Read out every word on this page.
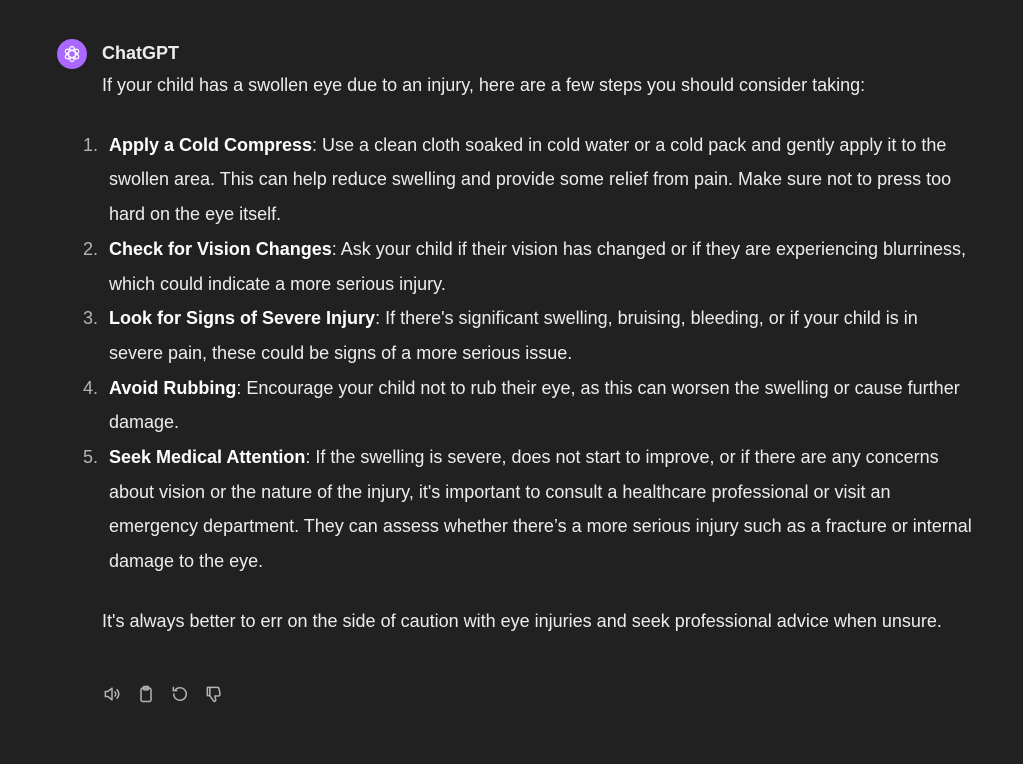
ChatGPT

If your child has a swollen eye due to an injury, here are a few steps you should consider taking:

1. Apply a Cold Compress: Use a clean cloth soaked in cold water or a cold pack and gently apply it to the swollen area. This can help reduce swelling and provide some relief from pain. Make sure not to press too hard on the eye itself.
2. Check for Vision Changes: Ask your child if their vision has changed or if they are experiencing blurriness, which could indicate a more serious injury.
3. Look for Signs of Severe Injury: If there's significant swelling, bruising, bleeding, or if your child is in severe pain, these could be signs of a more serious issue.
4. Avoid Rubbing: Encourage your child not to rub their eye, as this can worsen the swelling or cause further damage.
5. Seek Medical Attention: If the swelling is severe, does not start to improve, or if there are any concerns about vision or the nature of the injury, it's important to consult a healthcare professional or visit an emergency department. They can assess whether there’s a more serious injury such as a fracture or internal damage to the eye.

It's always better to err on the side of caution with eye injuries and seek professional advice when unsure.
